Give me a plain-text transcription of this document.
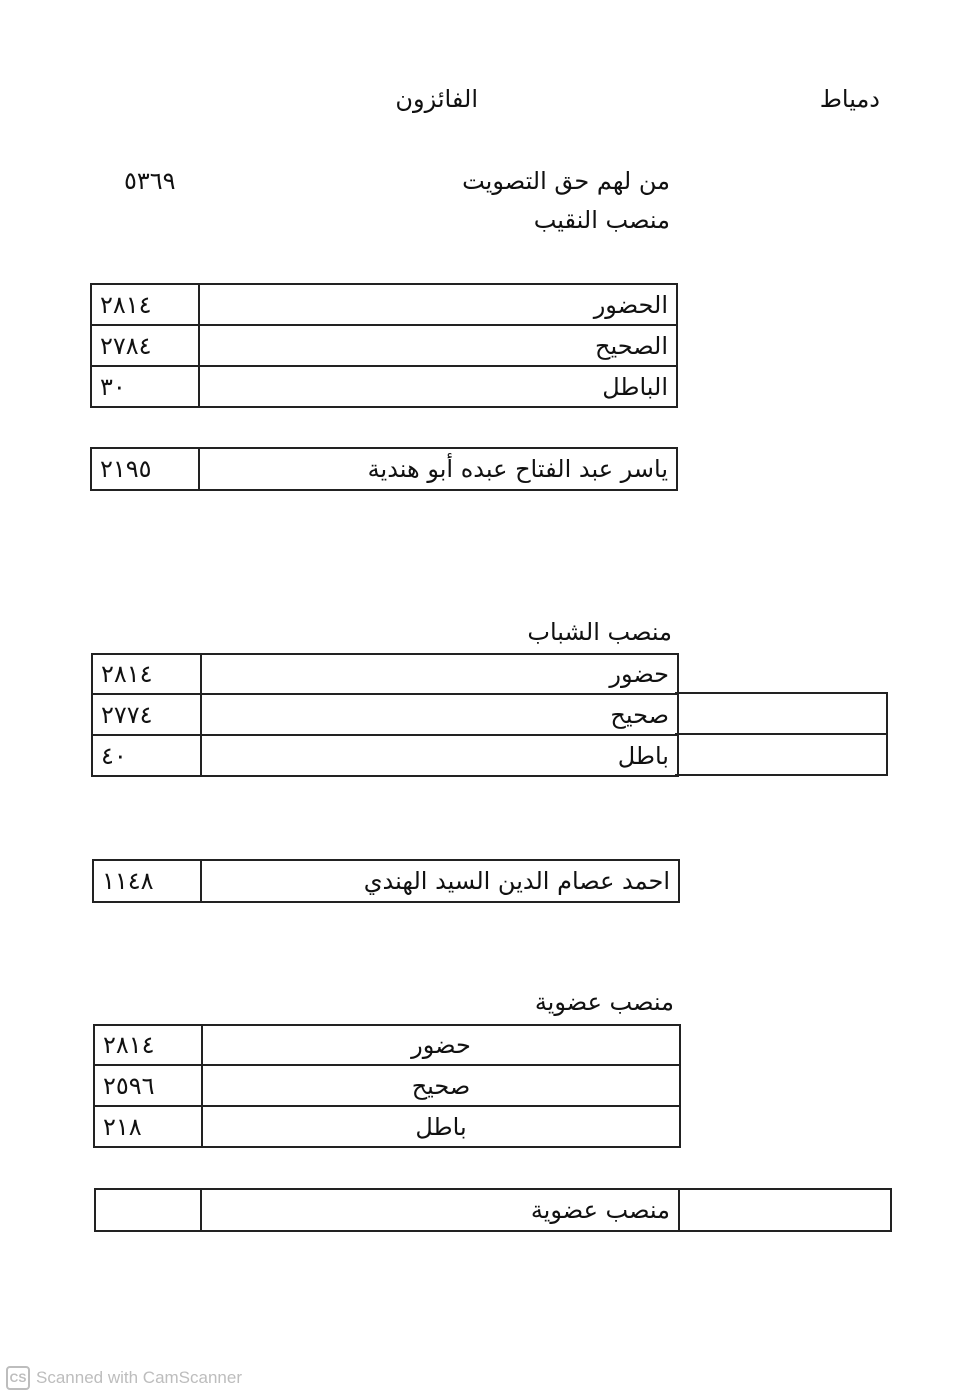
دمياط
الفائزون
من لهم حق التصويت
٥٣٦٩
منصب النقيب
٢٨١٤	الحضور
٢٧٨٤	الصحيح
٣٠	الباطل
٢١٩٥	ياسر عبد الفتاح عبده أبو هندية
منصب الشباب
٢٨١٤	حضور
٢٧٧٤	صحيح
٤٠	باطل
١١٤٨	احمد عصام الدين السيد الهندي
منصب عضوية
٢٨١٤	حضور
٢٥٩٦	صحيح
٢١٨	باطل
	منصب عضوية	
CS Scanned with CamScanner
